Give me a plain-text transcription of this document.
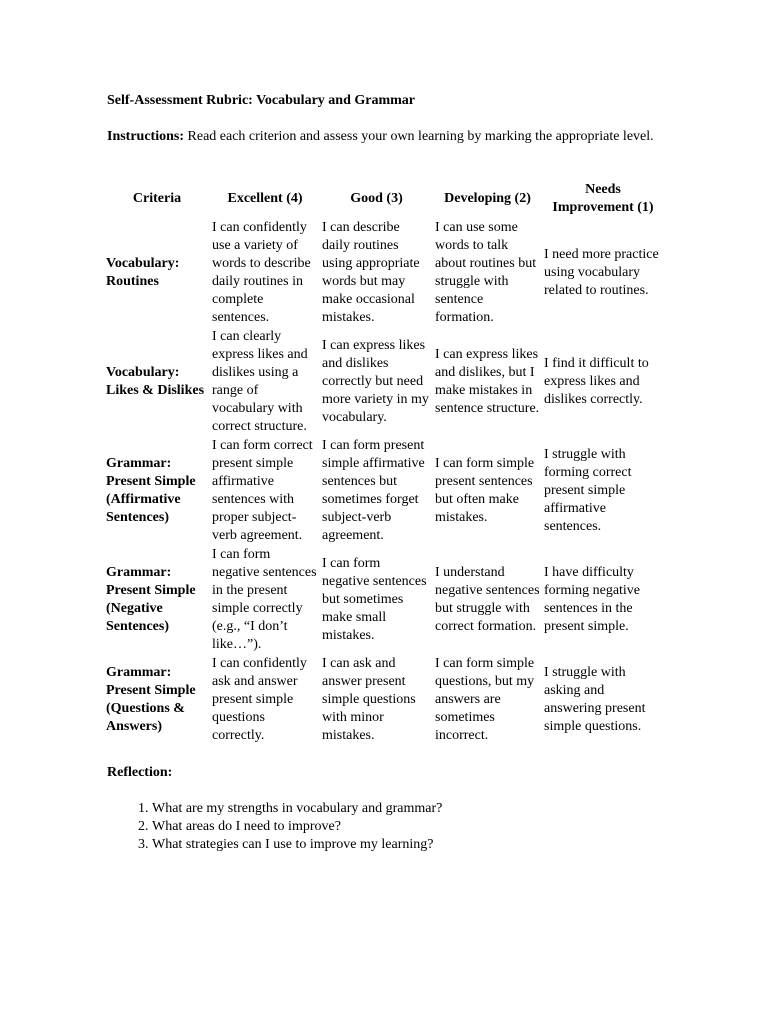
Self-Assessment Rubric: Vocabulary and Grammar
Instructions: Read each criterion and assess your own learning by marking the appropriate level.
Criteria	Excellent (4)	Good (3)	Developing (2)	Needs Improvement (1)
Vocabulary: Routines	I can confidently use a variety of words to describe daily routines in complete sentences.	I can describe daily routines using appropriate words but may make occasional mistakes.	I can use some words to talk about routines but struggle with sentence formation.	I need more practice using vocabulary related to routines.
Vocabulary: Likes & Dislikes	I can clearly express likes and dislikes using a range of vocabulary with correct structure.	I can express likes and dislikes correctly but need more variety in my vocabulary.	I can express likes and dislikes, but I make mistakes in sentence structure.	I find it difficult to express likes and dislikes correctly.
Grammar: Present Simple (Affirmative Sentences)	I can form correct present simple affirmative sentences with proper subject-verb agreement.	I can form present simple affirmative sentences but sometimes forget subject-verb agreement.	I can form simple present sentences but often make mistakes.	I struggle with forming correct present simple affirmative sentences.
Grammar: Present Simple (Negative Sentences)	I can form negative sentences in the present simple correctly (e.g., “I don’t like…”).	I can form negative sentences but sometimes make small mistakes.	I understand negative sentences but struggle with correct formation.	I have difficulty forming negative sentences in the present simple.
Grammar: Present Simple (Questions & Answers)	I can confidently ask and answer present simple questions correctly.	I can ask and answer present simple questions with minor mistakes.	I can form simple questions, but my answers are sometimes incorrect.	I struggle with asking and answering present simple questions.
Reflection:
1. What are my strengths in vocabulary and grammar?
2. What areas do I need to improve?
3. What strategies can I use to improve my learning?
